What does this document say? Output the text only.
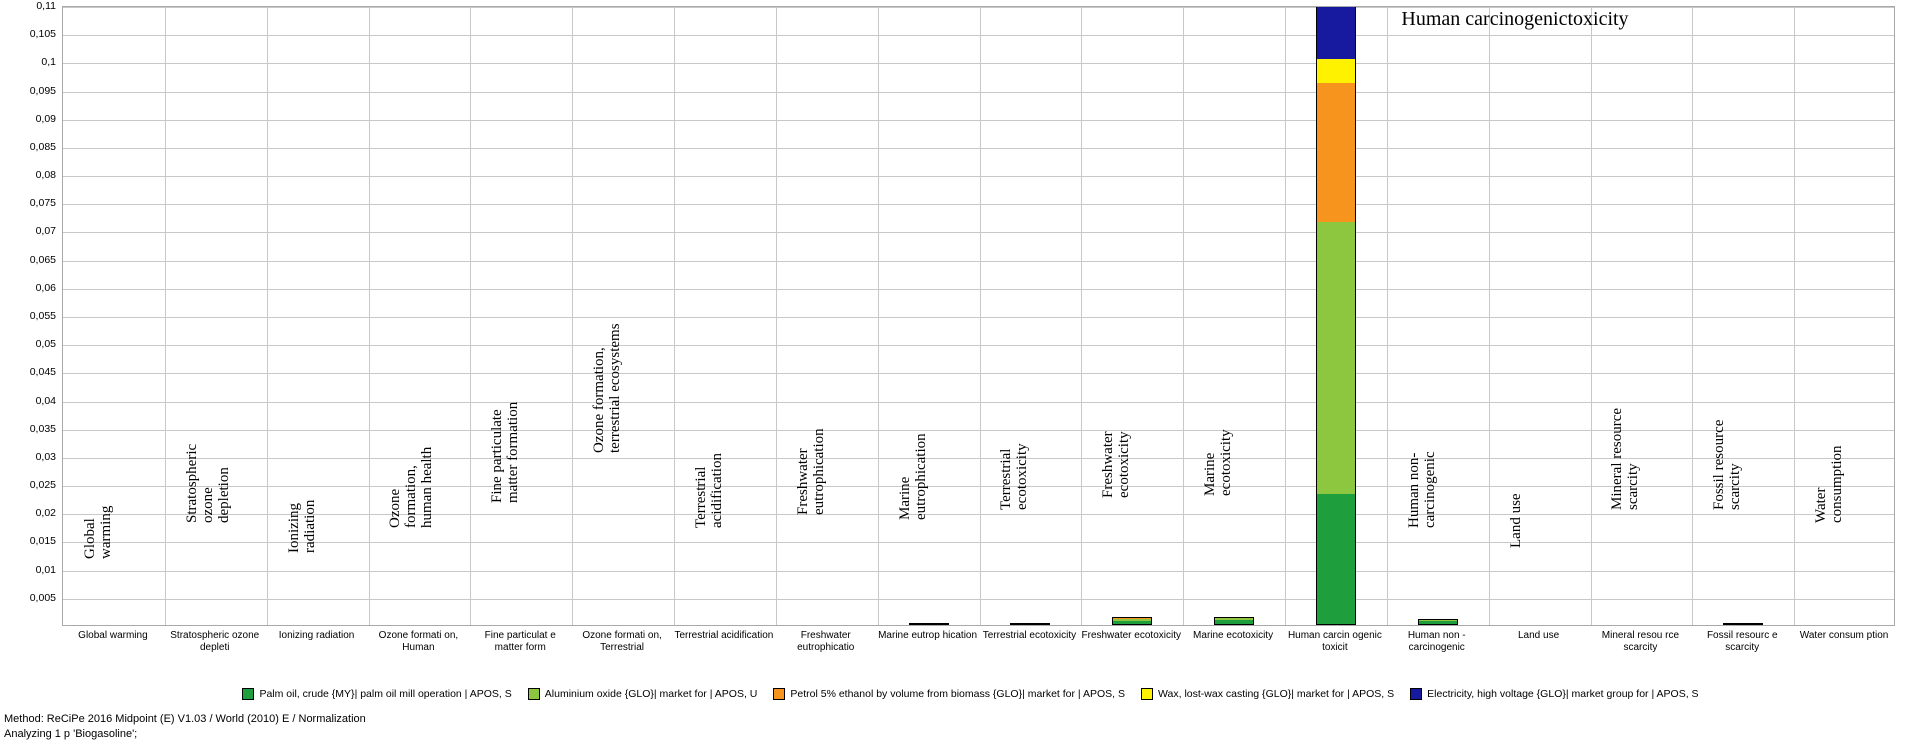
0,11
0,105
0,1
0,095
0,09
0,085
0,08
0,075
0,07
0,065
0,06
0,055
0,05
0,045
0,04
0,035
0,03
0,025
0,02
0,015
0,01
0,005
Global warming
Stratospheric ozone depletion
Ionizing radiation	Ozone formation, human health	Fine particulate matter formation	Ozone formation, terrestrial ecosystems
Terrestrial acidification	Freshwater eutrophication	Marine eutrophication	Terrestrial ecotoxicity	Freshwater ecotoxicity	Marine ecotoxicity	Human non- carcinogenic	Land use
Mineral resource scarcity	Fossil resource scarcity	Water consumption
Global warming	Stratospheric ozone depleti
Ionizing radiation	Ozone formati on, Human
Fine particulat e matter form
Ozone formati on, Terrestrial
Terrestrial acidification	Freshwater eutrophicatio
Marine eutrop hication Terrestrial ecotoxicity Freshwater ecotoxicity	Marine ecotoxicity	Human carcin ogenic toxicit
Human non -carcinogenic
Land use	Mineral resou rce scarcity
Fossil resourc e scarcity
Water consum ption
Palm oil, crude {MY}| palm oil mill operation | APOS, S	Aluminium oxide {GLO}| market for | APOS, U	Petrol 5% ethanol by volume from biomass {GLO}| market for | APOS, S	Wax, lost-wax casting {GLO}| market for | APOS, S	Electricity, high voltage {GLO}| market group for | APOS, S
Method: ReCiPe 2016 Midpoint (E) V1.03 / World (2010) E / Normalization
Analyzing 1 p 'Biogasoline';
Human carcinogenictoxicity
